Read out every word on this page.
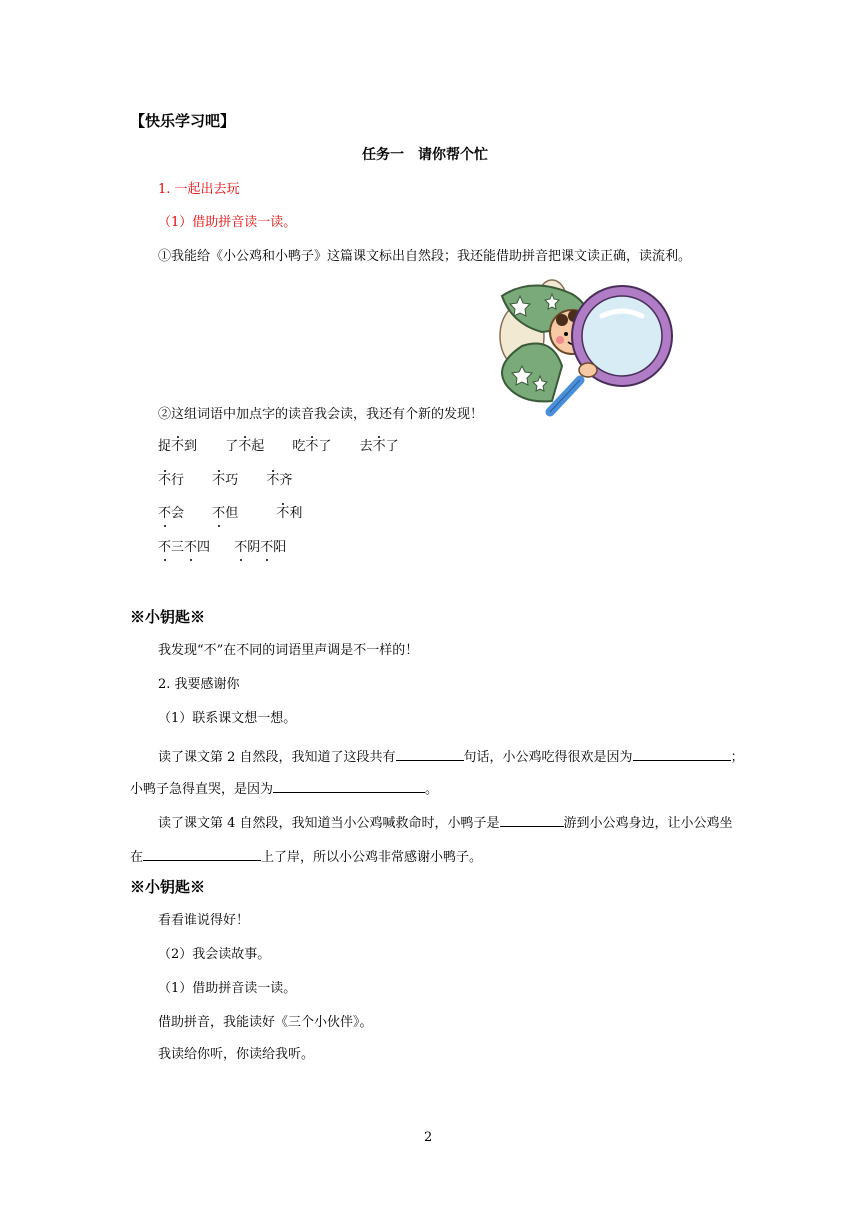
【快乐学习吧】
任务一　请你帮个忙
1. 一起出去玩
（1）借助拼音读一读。
①我能给《小公鸡和小鸭子》这篇课文标出自然段；我还能借助拼音把课文读正确，读流利。
②这组词语中加点字的读音我会读，我还有个新的发现！
捉不到 了不起 吃不了 去不了
不行 不巧 不齐
不会 不但	不利
不三不四 不阴不阳
※小钥匙※
我发现“不”在不同的词语里声调是不一样的！
2. 我要感谢你
（1）联系课文想一想。
读了课文第 2 自然段，我知道了这段共有	句话，小公鸡吃得很欢是因为	；
小鸭子急得直哭，是因为	。
读了课文第 4 自然段，我知道当小公鸡喊救命时，小鸭子是	游到小公鸡身边，让小公鸡坐
在	上了岸，所以小公鸡非常感谢小鸭子。
※小钥匙※
看看谁说得好！
（2）我会读故事。
（1）借助拼音读一读。
借助拼音，我能读好《三个小伙伴》。
我读给你听，你读给我听。
2
